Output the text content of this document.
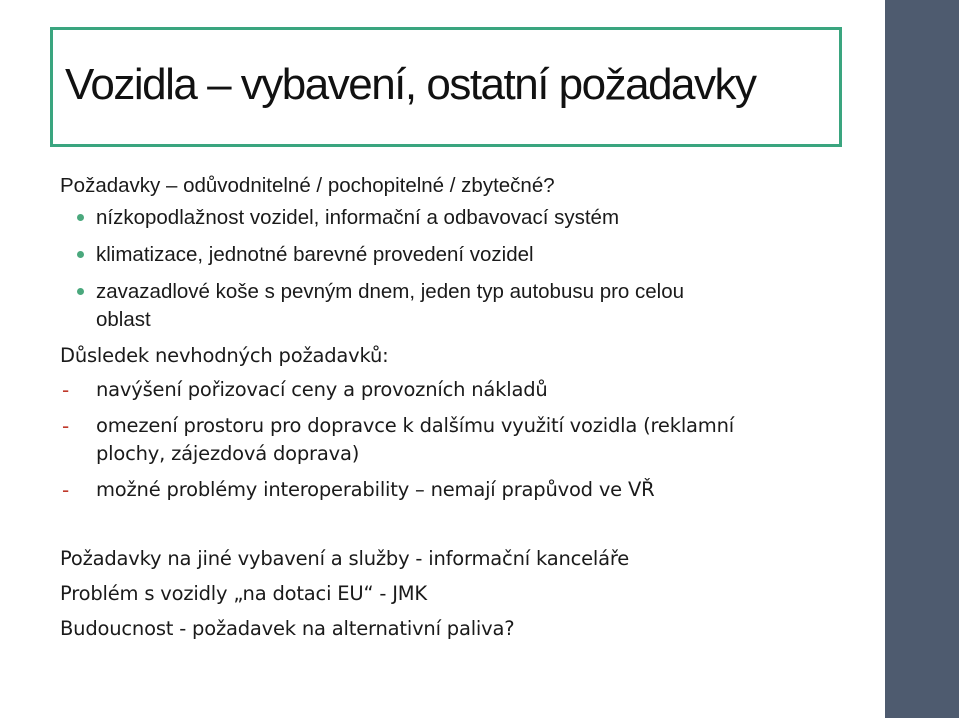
Vozidla – vybavení, ostatní požadavky

Požadavky – odůvodnitelné / pochopitelné / zbytečné?

nízkopodlažnost vozidel, informační a odbavovací systém

klimatizace, jednotné barevné provedení vozidel

zavazadlové koše s pevným dnem, jeden typ autobusu pro celou

oblast

Důsledek nevhodných požadavků:

- navýšení pořizovací ceny a provozních nákladů

- omezení prostoru pro dopravce k dalšímu využití vozidla (reklamní

plochy, zájezdová doprava)

- možné problémy interoperability – nemají prapůvod ve VŘ

Požadavky na jiné vybavení a služby - informační kanceláře

Problém s vozidly „na dotaci EU“ - JMK

Budoucnost - požadavek na alternativní paliva?
